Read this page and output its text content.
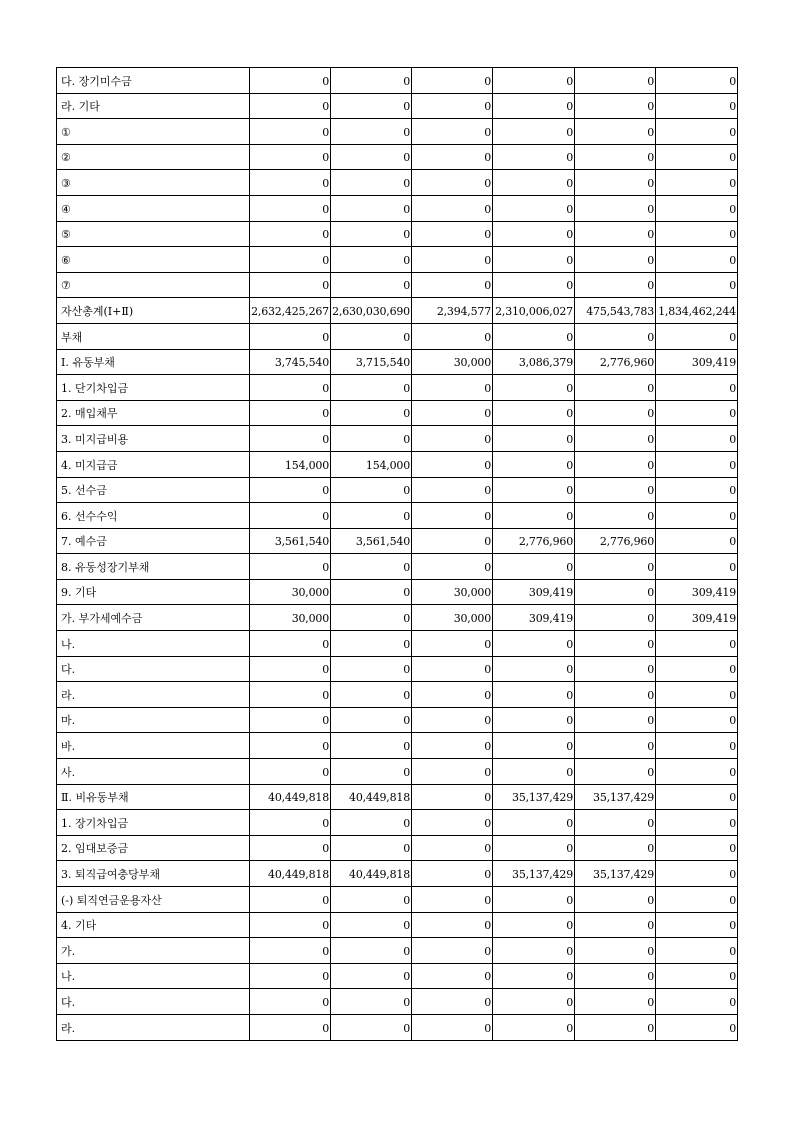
다. 장기미수금	0	0	0	0	0	0
라. 기타	0	0	0	0	0	0
①	0	0	0	0	0	0
②	0	0	0	0	0	0
③	0	0	0	0	0	0
④	0	0	0	0	0	0
⑤	0	0	0	0	0	0
⑥	0	0	0	0	0	0
⑦	0	0	0	0	0	0
자산총계(Ⅰ+Ⅱ)	2,632,425,267	2,630,030,690	2,394,577	2,310,006,027	475,543,783	1,834,462,244
부채	0	0	0	0	0	0
Ⅰ. 유동부채	3,745,540	3,715,540	30,000	3,086,379	2,776,960	309,419
1. 단기차입금	0	0	0	0	0	0
2. 매입채무	0	0	0	0	0	0
3. 미지급비용	0	0	0	0	0	0
4. 미지급금	154,000	154,000	0	0	0	0
5. 선수금	0	0	0	0	0	0
6. 선수수익	0	0	0	0	0	0
7. 예수금	3,561,540	3,561,540	0	2,776,960	2,776,960	0
8. 유동성장기부채	0	0	0	0	0	0
9. 기타	30,000	0	30,000	309,419	0	309,419
가. 부가세예수금	30,000	0	30,000	309,419	0	309,419
나.	0	0	0	0	0	0
다.	0	0	0	0	0	0
라.	0	0	0	0	0	0
마.	0	0	0	0	0	0
바.	0	0	0	0	0	0
사.	0	0	0	0	0	0
Ⅱ. 비유동부채	40,449,818	40,449,818	0	35,137,429	35,137,429	0
1. 장기차입금	0	0	0	0	0	0
2. 임대보증금	0	0	0	0	0	0
3. 퇴직급여충당부채	40,449,818	40,449,818	0	35,137,429	35,137,429	0
(-) 퇴직연금운용자산	0	0	0	0	0	0
4. 기타	0	0	0	0	0	0
가.	0	0	0	0	0	0
나.	0	0	0	0	0	0
다.	0	0	0	0	0	0
라.	0	0	0	0	0	0
